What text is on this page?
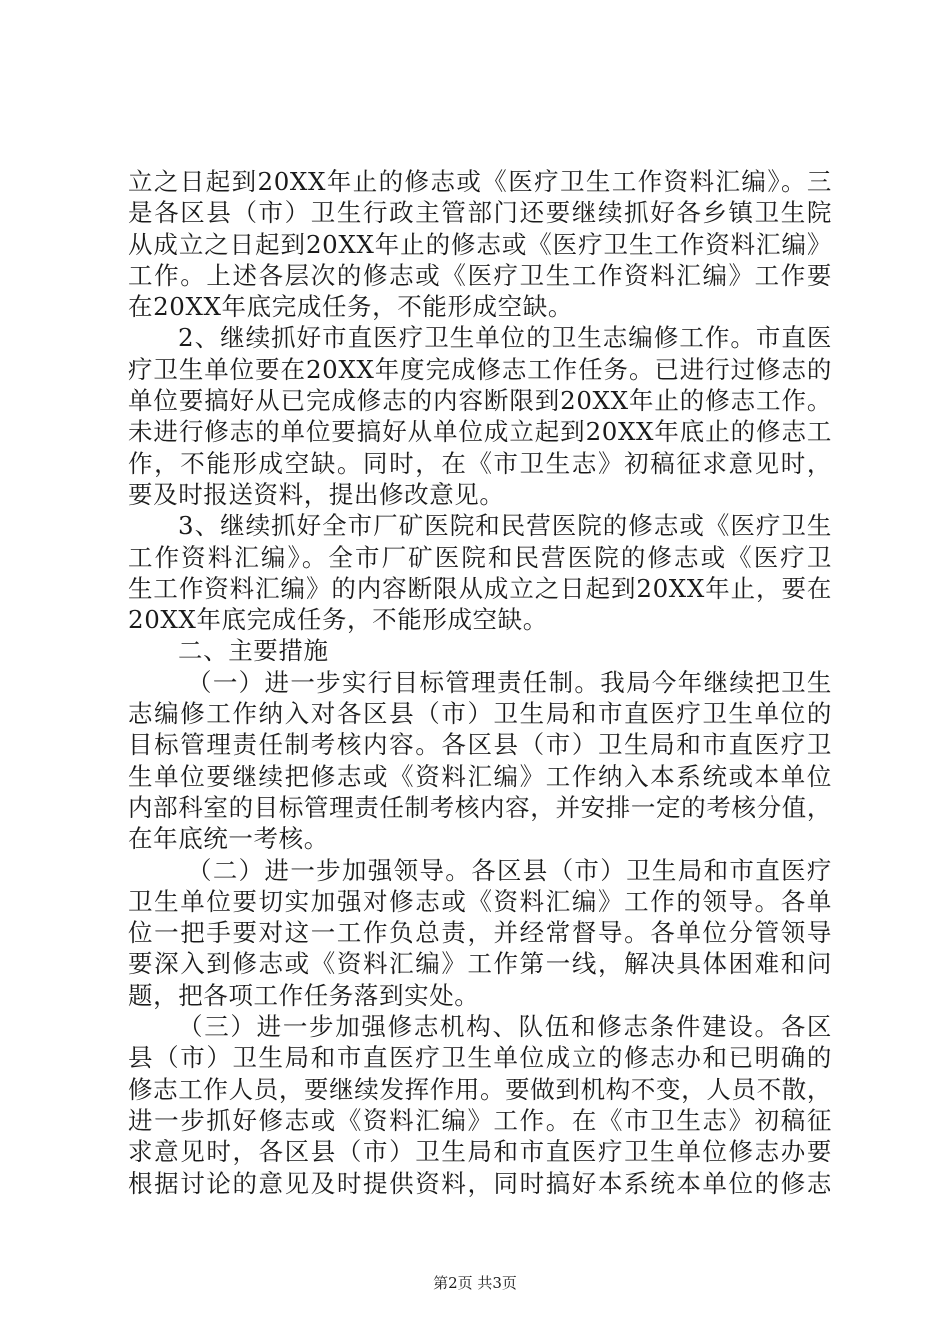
立之日起到20XX年止的修志或《医疗卫生工作资料汇编》。三
是各区县（市）卫生行政主管部门还要继续抓好各乡镇卫生院
从成立之日起到20XX年止的修志或《医疗卫生工作资料汇编》
工作。上述各层次的修志或《医疗卫生工作资料汇编》工作要
在20XX年底完成任务，不能形成空缺。
2、继续抓好市直医疗卫生单位的卫生志编修工作。市直医
疗卫生单位要在20XX年度完成修志工作任务。已进行过修志的
单位要搞好从已完成修志的内容断限到20XX年止的修志工作。
未进行修志的单位要搞好从单位成立起到20XX年底止的修志工
作，不能形成空缺。同时，在《市卫生志》初稿征求意见时，
要及时报送资料，提出修改意见。
3、继续抓好全市厂矿医院和民营医院的修志或《医疗卫生
工作资料汇编》。全市厂矿医院和民营医院的修志或《医疗卫
生工作资料汇编》的内容断限从成立之日起到20XX年止，要在
20XX年底完成任务，不能形成空缺。
二、主要措施
（一）进一步实行目标管理责任制。我局今年继续把卫生
志编修工作纳入对各区县（市）卫生局和市直医疗卫生单位的
目标管理责任制考核内容。各区县（市）卫生局和市直医疗卫
生单位要继续把修志或《资料汇编》工作纳入本系统或本单位
内部科室的目标管理责任制考核内容，并安排一定的考核分值，
在年底统一考核。
（二）进一步加强领导。各区县（市）卫生局和市直医疗
卫生单位要切实加强对修志或《资料汇编》工作的领导。各单
位一把手要对这一工作负总责，并经常督导。各单位分管领导
要深入到修志或《资料汇编》工作第一线，解决具体困难和问
题，把各项工作任务落到实处。
（三）进一步加强修志机构、队伍和修志条件建设。各区
县（市）卫生局和市直医疗卫生单位成立的修志办和已明确的
修志工作人员，要继续发挥作用。要做到机构不变，人员不散，
进一步抓好修志或《资料汇编》工作。在《市卫生志》初稿征
求意见时，各区县（市）卫生局和市直医疗卫生单位修志办要
根据讨论的意见及时提供资料，同时搞好本系统本单位的修志
第2页 共3页
